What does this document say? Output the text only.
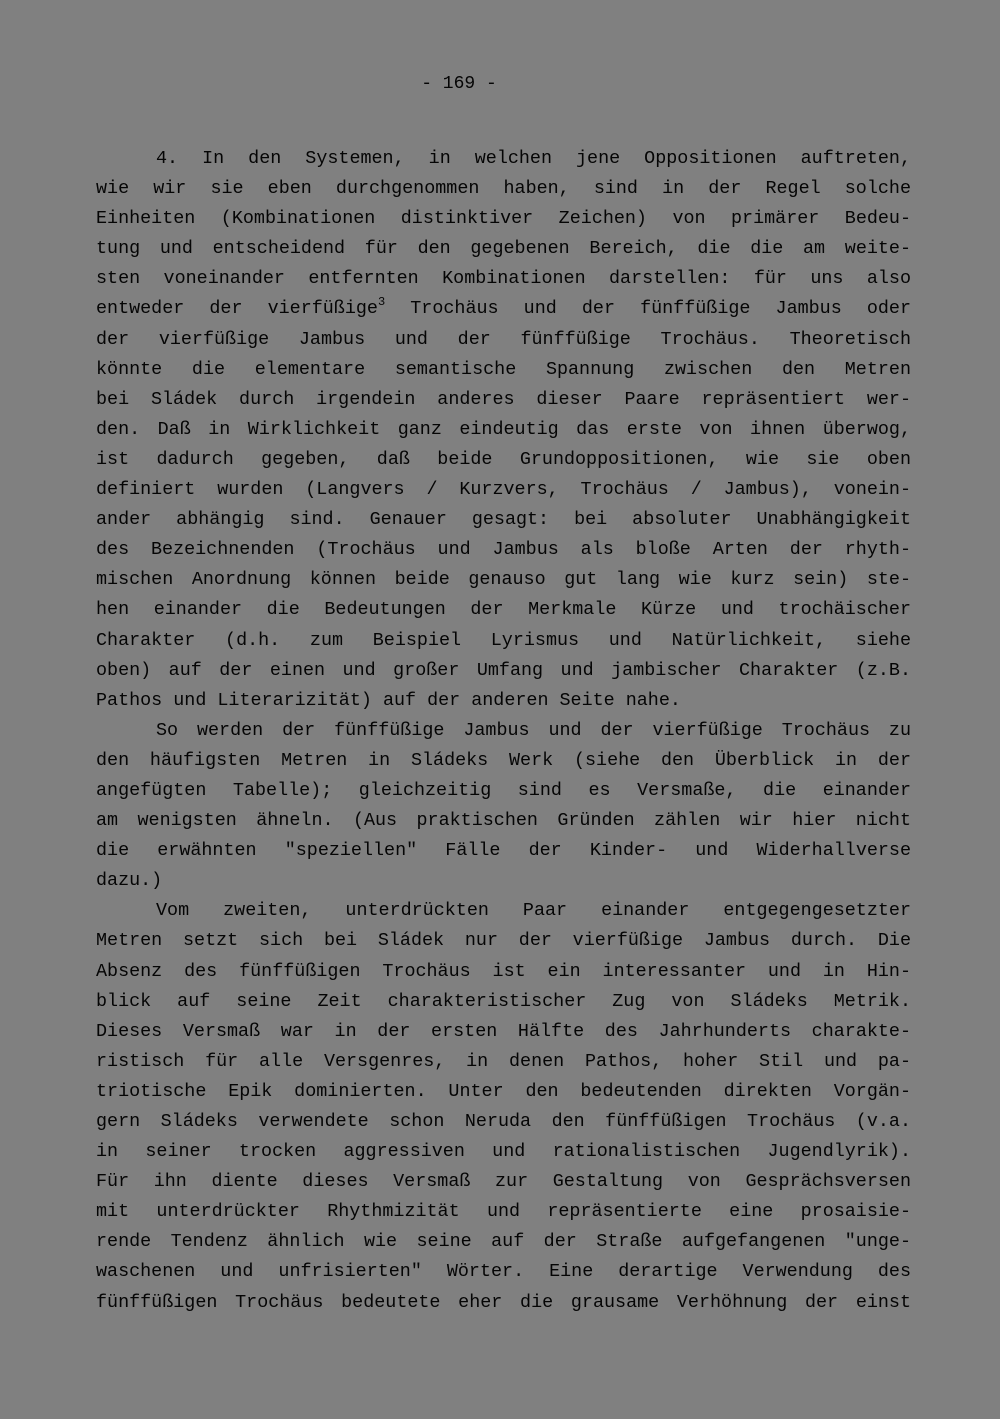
- 169 -
4. In den Systemen, in welchen jene Oppositionen auftreten,
wie wir sie eben durchgenommen haben, sind in der Regel solche
Einheiten (Kombinationen distinktiver Zeichen) von primärer Bedeu-
tung und entscheidend für den gegebenen Bereich, die die am weite-
sten voneinander entfernten Kombinationen darstellen: für uns also
entweder der vierfüßige$^3$ Trochäus und der fünffüßige Jambus oder
der vierfüßige Jambus und der fünffüßige Trochäus. Theoretisch
könnte die elementare semantische Spannung zwischen den Metren
bei Sládek durch irgendein anderes dieser Paare repräsentiert wer-
den. Daß in Wirklichkeit ganz eindeutig das erste von ihnen überwog,
ist dadurch gegeben, daß beide Grundoppositionen, wie sie oben
definiert wurden (Langvers / Kurzvers, Trochäus / Jambus), vonein-
ander abhängig sind. Genauer gesagt: bei absoluter Unabhängigkeit
des Bezeichnenden (Trochäus und Jambus als bloße Arten der rhyth-
mischen Anordnung können beide genauso gut lang wie kurz sein) ste-
hen einander die Bedeutungen der Merkmale Kürze und trochäischer
Charakter (d.h. zum Beispiel Lyrismus und Natürlichkeit, siehe
oben) auf der einen und großer Umfang und jambischer Charakter (z.B.
Pathos und Literarizität) auf der anderen Seite nahe.
So werden der fünffüßige Jambus und der vierfüßige Trochäus zu
den häufigsten Metren in Sládeks Werk (siehe den Überblick in der
angefügten Tabelle); gleichzeitig sind es Versmaße, die einander
am wenigsten ähneln. (Aus praktischen Gründen zählen wir hier nicht
die erwähnten "speziellen" Fälle der Kinder- und Widerhallverse
dazu.)
Vom zweiten, unterdrückten Paar einander entgegengesetzter
Metren setzt sich bei Sládek nur der vierfüßige Jambus durch. Die
Absenz des fünffüßigen Trochäus ist ein interessanter und in Hin-
blick auf seine Zeit charakteristischer Zug von Sládeks Metrik.
Dieses Versmaß war in der ersten Hälfte des Jahrhunderts charakte-
ristisch für alle Versgenres, in denen Pathos, hoher Stil und pa-
triotische Epik dominierten. Unter den bedeutenden direkten Vorgän-
gern Sládeks verwendete schon Neruda den fünffüßigen Trochäus (v.a.
in seiner trocken aggressiven und rationalistischen Jugendlyrik).
Für ihn diente dieses Versmaß zur Gestaltung von Gesprächsversen
mit unterdrückter Rhythmizität und repräsentierte eine prosaisie-
rende Tendenz ähnlich wie seine auf der Straße aufgefangenen "unge-
waschenen und unfrisierten" Wörter. Eine derartige Verwendung des
fünffüßigen Trochäus bedeutete eher die grausame Verhöhnung der einst
